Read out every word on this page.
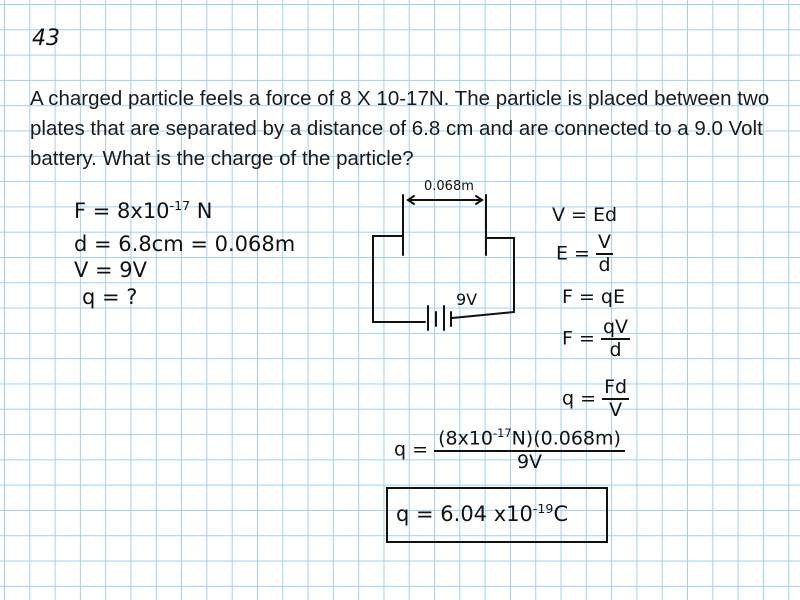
43
A charged particle feels a force of 8 X 10-17N. The particle is placed between two plates that are separated by a distance of 6.8 cm and are connected to a 9.0 Volt battery. What is the charge of the particle?
$F = 8x10^{-17}$ N
d = 6.8cm = 0.068m
V = 9V
q = ?
0.068m
9V
V = Ed
$E = \frac{V}{d}$
F = qE
$F = \frac{qV}{d}$
$q = \frac{Fd}{V}$
$q = \frac{(8x10^{-17}N)(0.068m)}{9V}$
q = 6.04 $x10^{-19}C$
